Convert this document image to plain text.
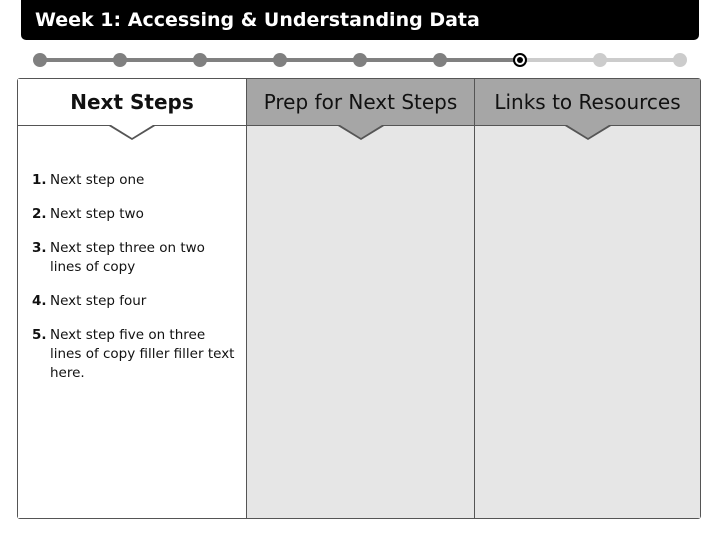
Week 1: Accessing & Understanding Data
Next Steps
1. Next step one
2. Next step two
3. Next step three on two lines of copy
4. Next step four
5. Next step five on three lines of copy filler filler text here.
Prep for Next Steps	Links to Resources
